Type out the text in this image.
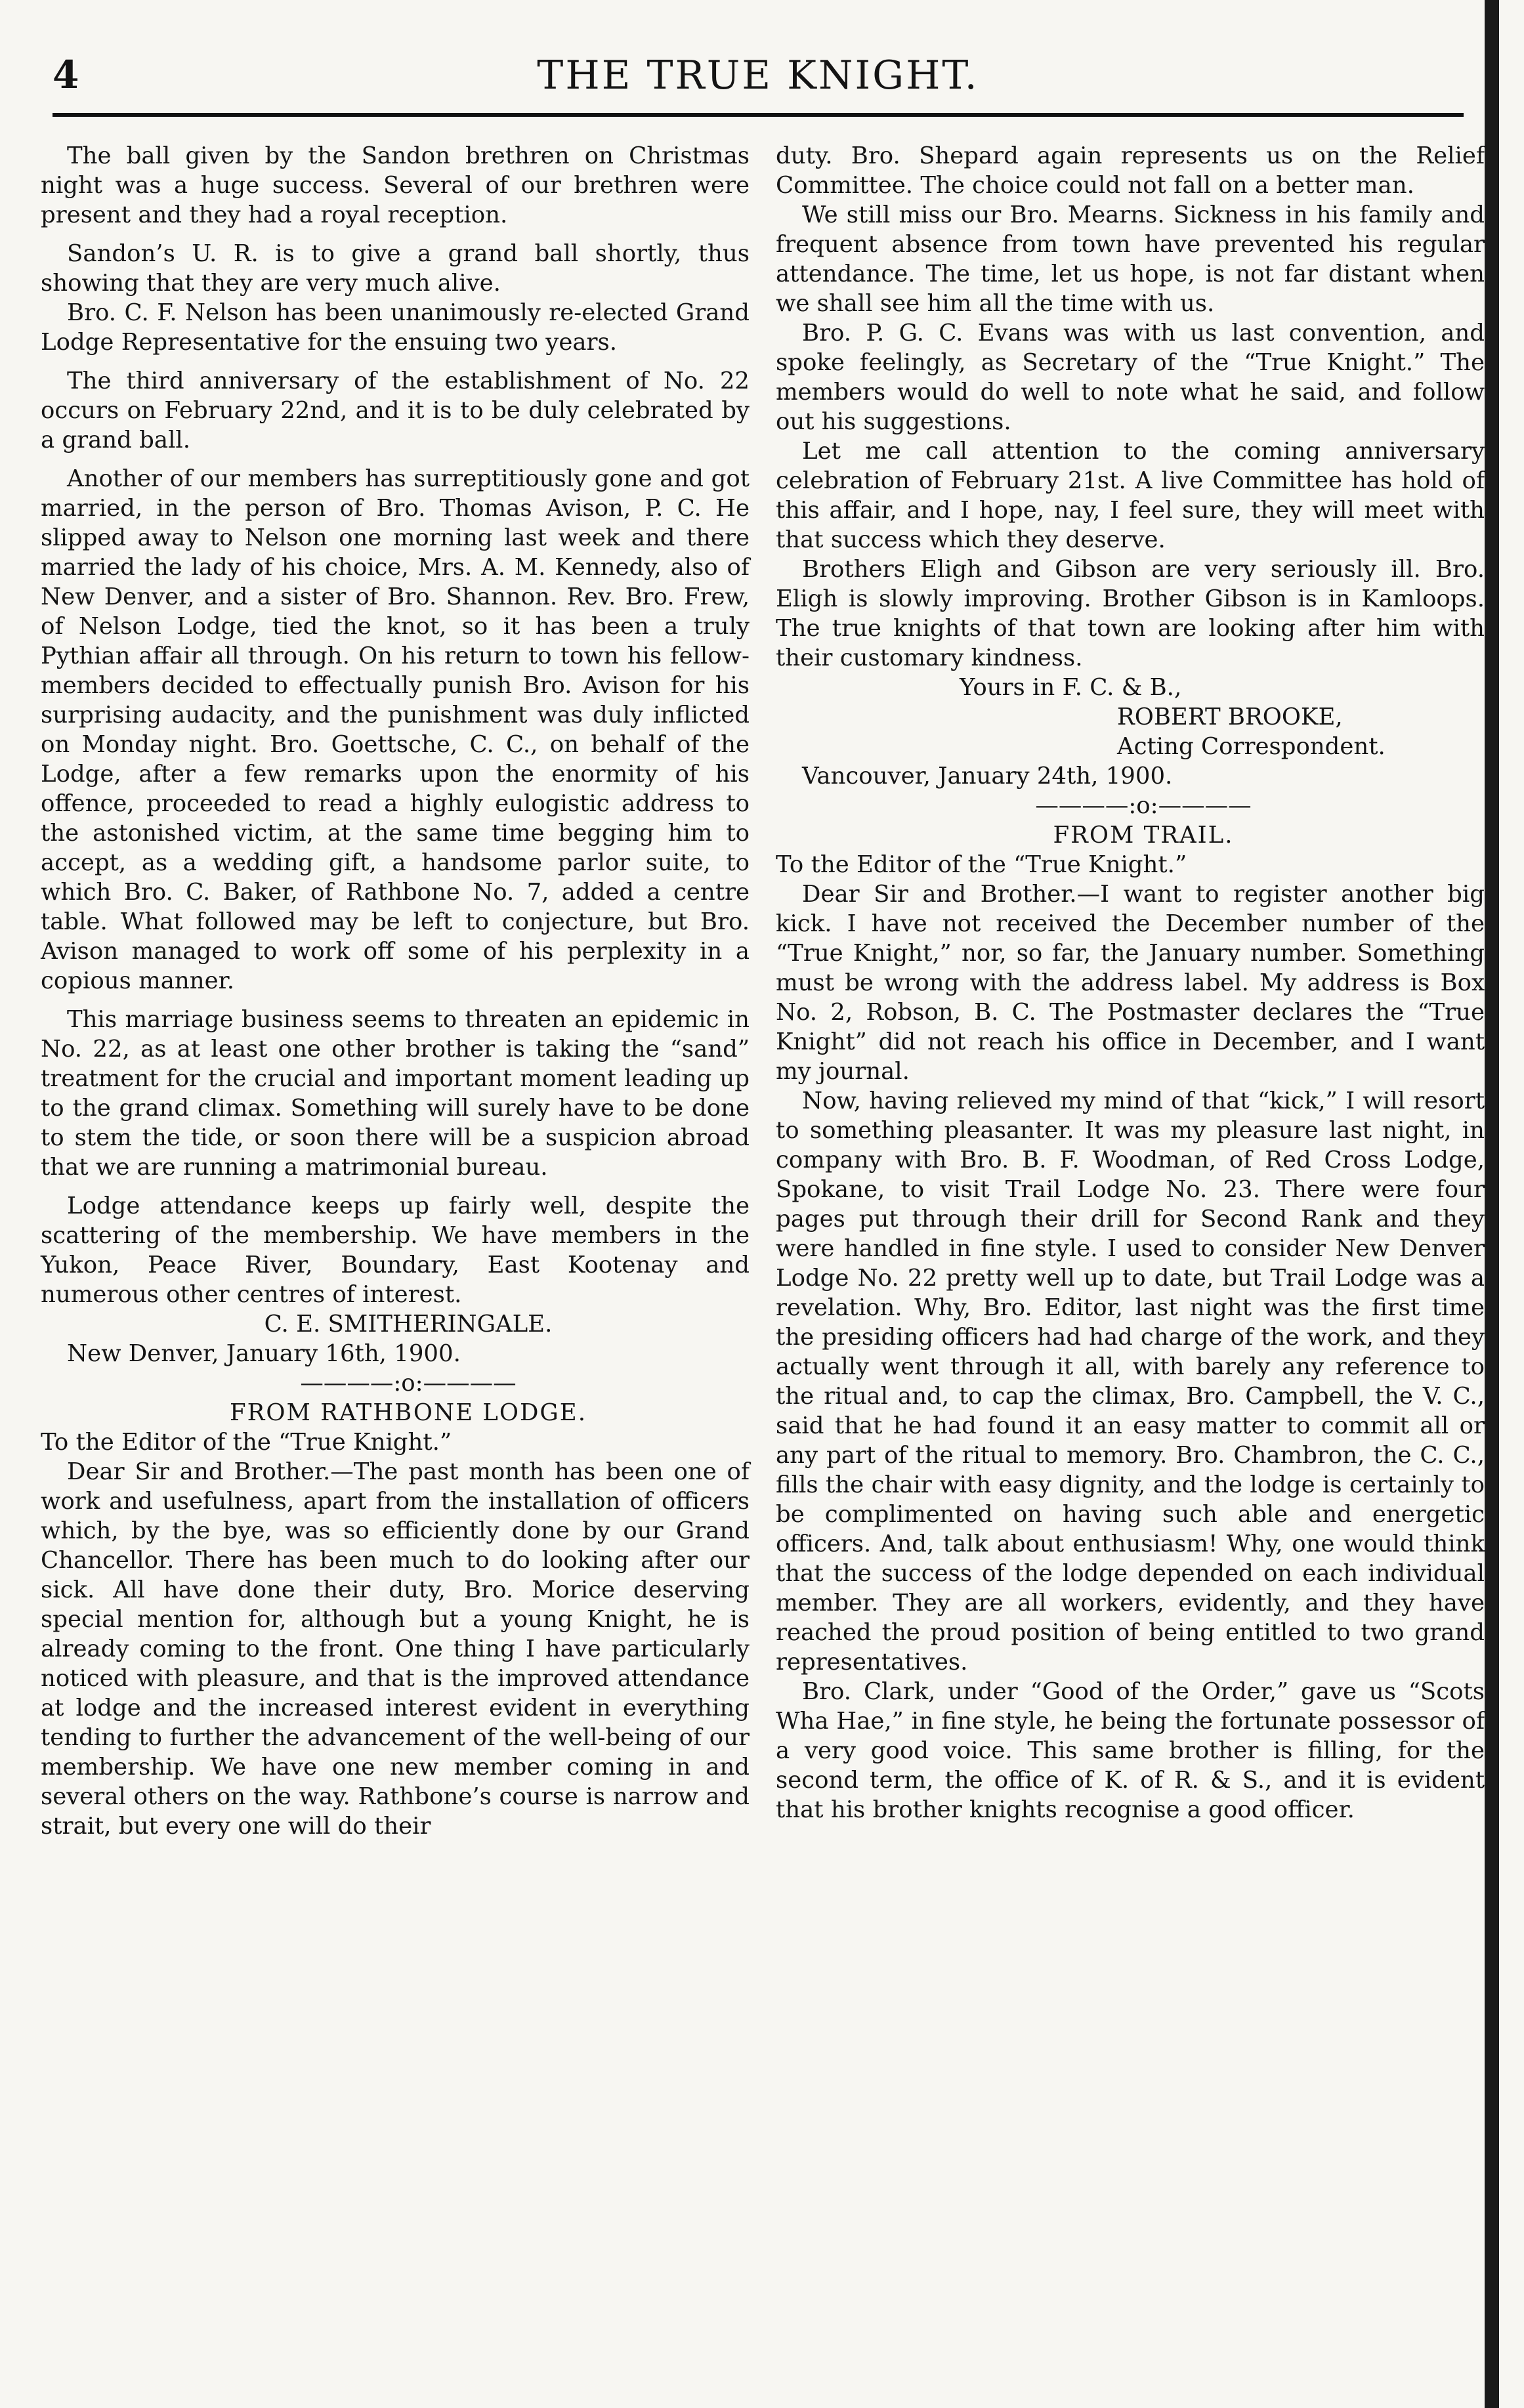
THE TRUE KNIGHT.
4

The ball given by the Sandon brethren on Christmas night was a huge success. Several of our brethren were present and they had a royal reception.

Sandon’s U. R. is to give a grand ball shortly, thus showing that they are very much alive.

Bro. C. F. Nelson has been unanimously re-elected Grand Lodge Representative for the ensuing two years.

The third anniversary of the establishment of No. 22 occurs on February 22nd, and it is to be duly celebrated by a grand ball.

Another of our members has surreptitiously gone and got married, in the person of Bro. Thomas Avison, P. C. He slipped away to Nelson one morning last week and there married the lady of his choice, Mrs. A. M. Kennedy, also of New Denver, and a sister of Bro. Shannon. Rev. Bro. Frew, of Nelson Lodge, tied the knot, so it has been a truly Pythian affair all through. On his return to town his fellow-members decided to effectually punish Bro. Avison for his surprising audacity, and the punishment was duly inflicted on Monday night. Bro. Goettsche, C. C., on behalf of the Lodge, after a few remarks upon the enormity of his offence, proceeded to read a highly eulogistic address to the astonished victim, at the same time begging him to accept, as a wedding gift, a handsome parlor suite, to which Bro. C. Baker, of Rathbone No. 7, added a centre table. What followed may be left to conjecture, but Bro. Avison managed to work off some of his perplexity in a copious manner.

This marriage business seems to threaten an epidemic in No. 22, as at least one other brother is taking the “sand” treatment for the crucial and important moment leading up to the grand climax. Something will surely have to be done to stem the tide, or soon there will be a suspicion abroad that we are running a matrimonial bureau.

Lodge attendance keeps up fairly well, despite the scattering of the membership. We have members in the Yukon, Peace River, Boundary, East Kootenay and numerous other centres of interest.

C. E. SMITHERINGALE.

New Denver, January 16th, 1900.

————:o:————

FROM RATHBONE LODGE.

To the Editor of the “True Knight.”

Dear Sir and Brother.—The past month has been one of work and usefulness, apart from the installation of officers which, by the bye, was so efficiently done by our Grand Chancellor. There has been much to do looking after our sick. All have done their duty, Bro. Morice deserving special mention for, although but a young Knight, he is already coming to the front. One thing I have particularly noticed with pleasure, and that is the improved attendance at lodge and the increased interest evident in everything tending to further the advancement of the well-being of our membership. We have one new member coming in and several others on the way. Rathbone’s course is narrow and strait, but every one will do their

duty. Bro. Shepard again represents us on the Relief Committee. The choice could not fall on a better man.

We still miss our Bro. Mearns. Sickness in his family and frequent absence from town have prevented his regular attendance. The time, let us hope, is not far distant when we shall see him all the time with us.

Bro. P. G. C. Evans was with us last convention, and spoke feelingly, as Secretary of the “True Knight.” The members would do well to note what he said, and follow out his suggestions.

Let me call attention to the coming anniversary celebration of February 21st. A live Committee has hold of this affair, and I hope, nay, I feel sure, they will meet with that success which they deserve.

Brothers Eligh and Gibson are very seriously ill. Bro. Eligh is slowly improving. Brother Gibson is in Kamloops. The true knights of that town are looking after him with their customary kindness.

Yours in F. C. & B.,

ROBERT BROOKE,

Acting Correspondent.

Vancouver, January 24th, 1900.

————:o:————

FROM TRAIL.

To the Editor of the “True Knight.”

Dear Sir and Brother.—I want to register another big kick. I have not received the December number of the “True Knight,” nor, so far, the January number. Something must be wrong with the address label. My address is Box No. 2, Robson, B. C. The Postmaster declares the “True Knight” did not reach his office in December, and I want my journal.

Now, having relieved my mind of that “kick,” I will resort to something pleasanter. It was my pleasure last night, in company with Bro. B. F. Woodman, of Red Cross Lodge, Spokane, to visit Trail Lodge No. 23. There were four pages put through their drill for Second Rank and they were handled in fine style. I used to consider New Denver Lodge No. 22 pretty well up to date, but Trail Lodge was a revelation. Why, Bro. Editor, last night was the first time the presiding officers had had charge of the work, and they actually went through it all, with barely any reference to the ritual and, to cap the climax, Bro. Campbell, the V. C., said that he had found it an easy matter to commit all or any part of the ritual to memory. Bro. Chambron, the C. C., fills the chair with easy dignity, and the lodge is certainly to be complimented on having such able and energetic officers. And, talk about enthusiasm! Why, one would think that the success of the lodge depended on each individual member. They are all workers, evidently, and they have reached the proud position of being entitled to two grand representatives.

Bro. Clark, under “Good of the Order,” gave us “Scots Wha Hae,” in fine style, he being the fortunate possessor of a very good voice. This same brother is filling, for the second term, the office of K. of R. & S., and it is evident that his brother knights recognise a good officer.
